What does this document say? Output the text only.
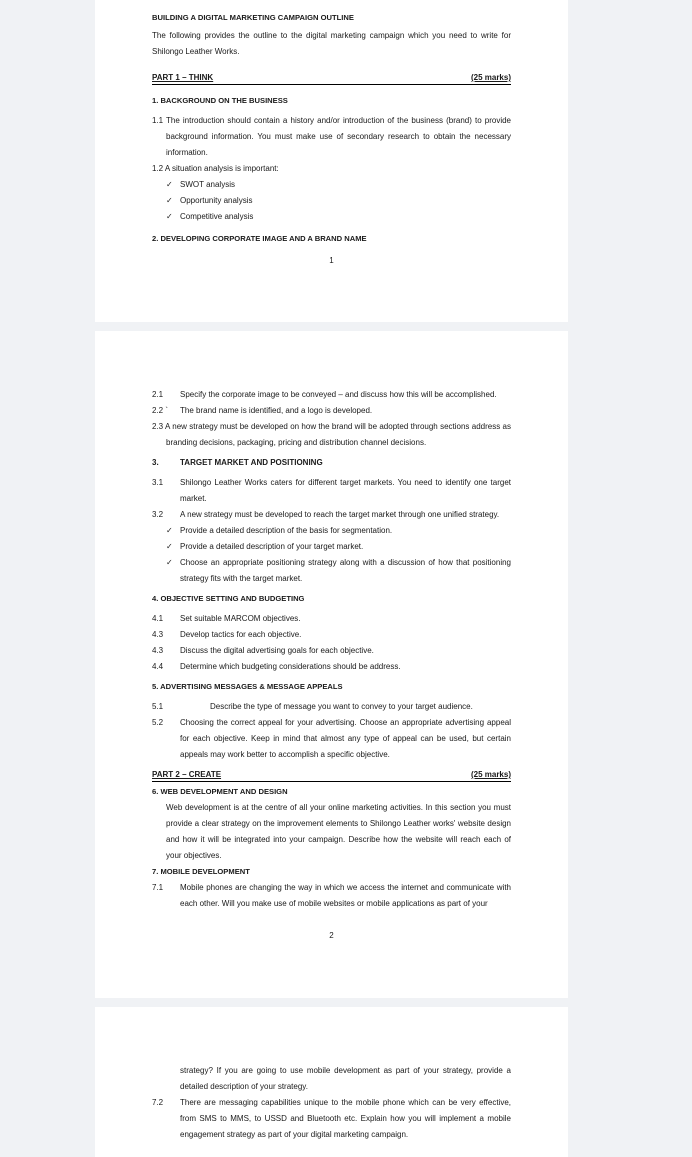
BUILDING A DIGITAL MARKETING CAMPAIGN OUTLINE
The following provides the outline to the digital marketing campaign which you need to write for Shilongo Leather Works.
PART 1 – THINK	(25 marks)
1. BACKGROUND ON THE BUSINESS
1.1 The introduction should contain a history and/or introduction of the business (brand) to provide background information. You must make use of secondary research to obtain the necessary information.
1.2 A situation analysis is important:
✓ SWOT analysis
✓ Opportunity analysis
✓ Competitive analysis
2. DEVELOPING CORPORATE IMAGE AND A BRAND NAME
1
2.1	Specify the corporate image to be conveyed – and discuss how this will be accomplished.
2.2 `	The brand name is identified, and a logo is developed.
2.3 A new strategy must be developed on how the brand will be adopted through sections address as branding decisions, packaging, pricing and distribution channel decisions.
3.	TARGET MARKET AND POSITIONING
3.1	Shilongo Leather Works caters for different target markets. You need to identify one target market.
3.2	A new strategy must be developed to reach the target market through one unified strategy.
✓ Provide a detailed description of the basis for segmentation.
✓ Provide a detailed description of your target market.
✓ Choose an appropriate positioning strategy along with a discussion of how that positioning strategy fits with the target market.
4. OBJECTIVE SETTING AND BUDGETING
4.1	Set suitable MARCOM objectives.
4.3	Develop tactics for each objective.
4.3	Discuss the digital advertising goals for each objective.
4.4	Determine which budgeting considerations should be address.
5. ADVERTISING MESSAGES & MESSAGE APPEALS
5.1	Describe the type of message you want to convey to your target audience.
5.2	Choosing the correct appeal for your advertising. Choose an appropriate advertising appeal for each objective. Keep in mind that almost any type of appeal can be used, but certain appeals may work better to accomplish a specific objective.
PART 2 – CREATE	(25 marks)
6. WEB DEVELOPMENT AND DESIGN
Web development is at the centre of all your online marketing activities. In this section you must provide a clear strategy on the improvement elements to Shilongo Leather works' website design and how it will be integrated into your campaign. Describe how the website will reach each of your objectives.
7. MOBILE DEVELOPMENT
7.1	Mobile phones are changing the way in which we access the internet and communicate with each other. Will you make use of mobile websites or mobile applications as part of your
2
strategy? If you are going to use mobile development as part of your strategy, provide a detailed description of your strategy.
7.2	There are messaging capabilities unique to the mobile phone which can be very effective, from SMS to MMS, to USSD and Bluetooth etc. Explain how you will implement a mobile engagement strategy as part of your digital marketing campaign.
